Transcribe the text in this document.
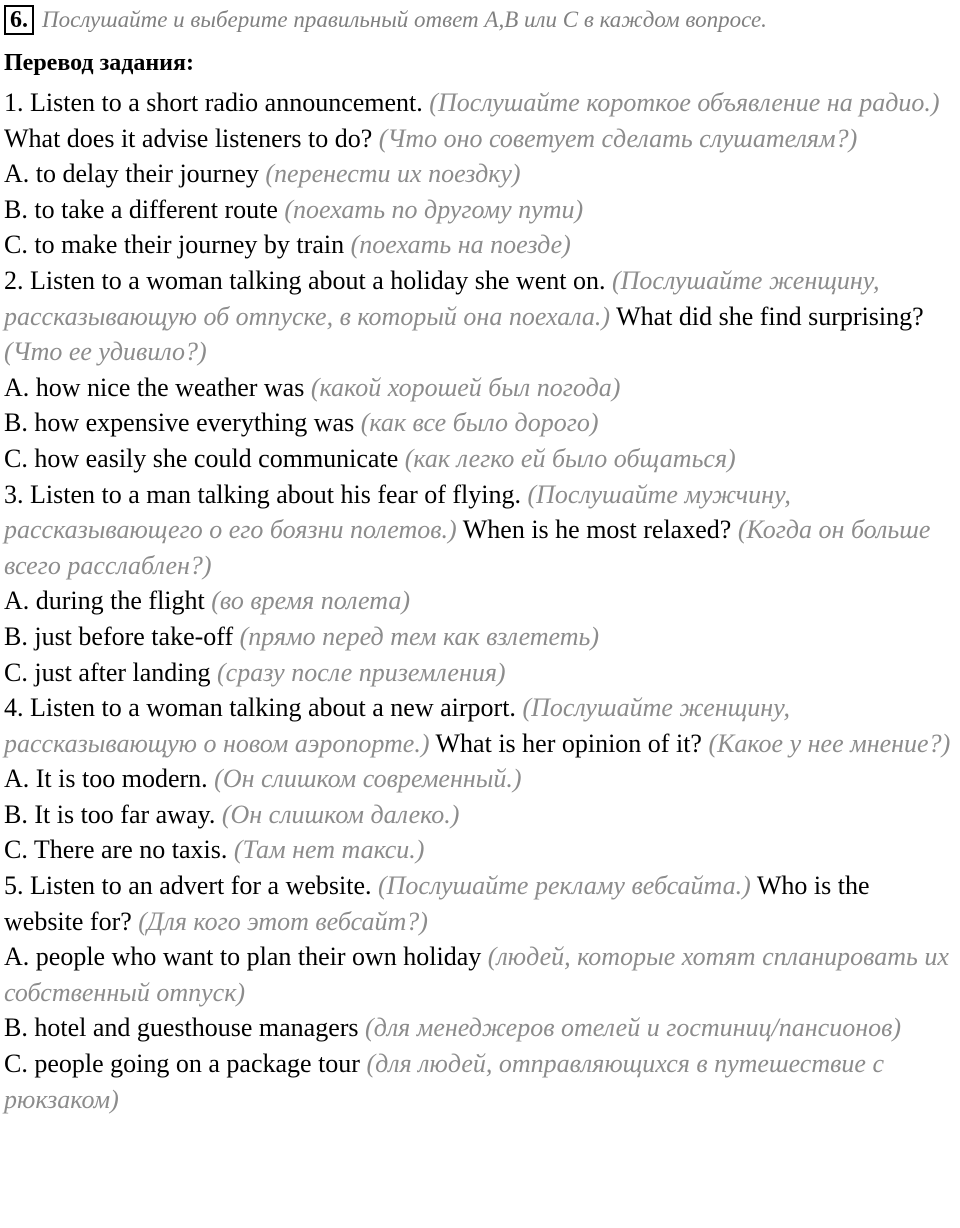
6. Послушайте и выберите правильный ответ А,В или С в каждом вопросе.
Перевод задания:

1. Listen to a short radio announcement. (Послушайте короткое объявление на радио.) What does it advise listeners to do? (Что оно советует сделать слушателям?)

A. to delay their journey (перенести их поездку)

B. to take a different route (поехать по другому пути)

C. to make their journey by train (поехать на поезде)

2. Listen to a woman talking about a holiday she went on. (Послушайте женщину, рассказывающую об отпуске, в который она поехала.) What did she find surprising? (Что ее удивило?)

A. how nice the weather was (какой хорошей был погода)

B. how expensive everything was (как все было дорого)

C. how easily she could communicate (как легко ей было общаться)

3. Listen to a man talking about his fear of flying. (Послушайте мужчину, рассказывающего о его боязни полетов.) When is he most relaxed? (Когда он больше всего расслаблен?)

A. during the flight (во время полета)

B. just before take-off (прямо перед тем как взлететь)

C. just after landing (сразу после приземления)

4. Listen to a woman talking about a new airport. (Послушайте женщину, рассказывающую о новом аэропорте.) What is her opinion of it? (Какое у нее мнение?)

A. It is too modern. (Он слишком современный.)

B. It is too far away. (Он слишком далеко.)

C. There are no taxis. (Там нет такси.)

5. Listen to an advert for a website. (Послушайте рекламу вебсайта.) Who is the website for? (Для кого этот вебсайт?)

A. people who want to plan their own holiday (людей, которые хотят спланировать их собственный отпуск)

B. hotel and guesthouse managers (для менеджеров отелей и гостиниц/пансионов)

C. people going on a package tour (для людей, отправляющихся в путешествие с рюкзаком)
